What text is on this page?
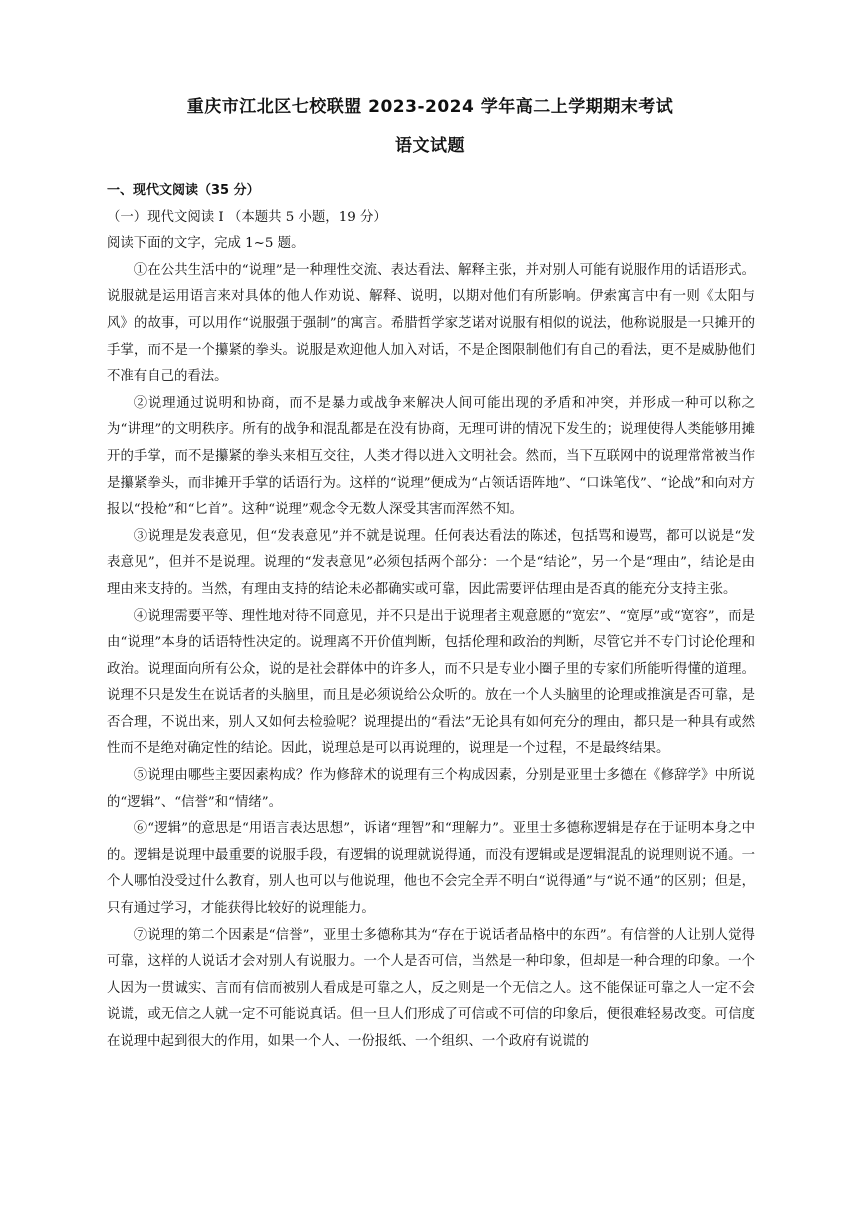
重庆市江北区七校联盟 2023-2024 学年高二上学期期末考试
语文试题

一、现代文阅读（35 分）

（一）现代文阅读 I （本题共 5 小题，19 分）

阅读下面的文字，完成 1~5 题。

①在公共生活中的“说理”是一种理性交流、表达看法、解释主张，并对别人可能有说服作用的话语形式。说服就是运用语言来对具体的他人作劝说、解释、说明，以期对他们有所影响。伊索寓言中有一则《太阳与风》的故事，可以用作“说服强于强制”的寓言。希腊哲学家芝诺对说服有相似的说法，他称说服是一只摊开的手掌，而不是一个攥紧的拳头。说服是欢迎他人加入对话，不是企图限制他们有自己的看法，更不是威胁他们不准有自己的看法。

②说理通过说明和协商，而不是暴力或战争来解决人间可能出现的矛盾和冲突，并形成一种可以称之为“讲理”的文明秩序。所有的战争和混乱都是在没有协商，无理可讲的情况下发生的；说理使得人类能够用摊开的手掌，而不是攥紧的拳头来相互交往，人类才得以进入文明社会。然而，当下互联网中的说理常常被当作是攥紧拳头，而非摊开手掌的话语行为。这样的“说理”便成为“占领话语阵地”、“口诛笔伐”、“论战”和向对方报以“投枪”和“匕首”。这种“说理”观念令无数人深受其害而浑然不知。

③说理是发表意见，但“发表意见”并不就是说理。任何表达看法的陈述，包括骂和谩骂，都可以说是“发表意见”，但并不是说理。说理的“发表意见”必须包括两个部分：一个是“结论”，另一个是“理由”，结论是由理由来支持的。当然，有理由支持的结论未必都确实或可靠，因此需要评估理由是否真的能充分支持主张。

④说理需要平等、理性地对待不同意见，并不只是出于说理者主观意愿的“宽宏”、“宽厚”或“宽容”，而是由“说理”本身的话语特性决定的。说理离不开价值判断，包括伦理和政治的判断，尽管它并不专门讨论伦理和政治。说理面向所有公众，说的是社会群体中的许多人，而不只是专业小圈子里的专家们所能听得懂的道理。说理不只是发生在说话者的头脑里，而且是必须说给公众听的。放在一个人头脑里的论理或推演是否可靠，是否合理，不说出来，别人又如何去检验呢？说理提出的“看法”无论具有如何充分的理由，都只是一种具有或然性而不是绝对确定性的结论。因此，说理总是可以再说理的，说理是一个过程，不是最终结果。

⑤说理由哪些主要因素构成？作为修辞术的说理有三个构成因素，分别是亚里士多德在《修辞学》中所说的“逻辑”、“信誉”和“情绪”。

⑥“逻辑”的意思是“用语言表达思想”，诉诸“理智”和“理解力”。亚里士多德称逻辑是存在于证明本身之中的。逻辑是说理中最重要的说服手段，有逻辑的说理就说得通，而没有逻辑或是逻辑混乱的说理则说不通。一个人哪怕没受过什么教育，别人也可以与他说理，他也不会完全弄不明白“说得通”与“说不通”的区别；但是，只有通过学习，才能获得比较好的说理能力。

⑦说理的第二个因素是“信誉”，亚里士多德称其为“存在于说话者品格中的东西”。有信誉的人让别人觉得可靠，这样的人说话才会对别人有说服力。一个人是否可信，当然是一种印象，但却是一种合理的印象。一个人因为一贯诚实、言而有信而被别人看成是可靠之人，反之则是一个无信之人。这不能保证可靠之人一定不会说谎，或无信之人就一定不可能说真话。但一旦人们形成了可信或不可信的印象后，便很难轻易改变。可信度在说理中起到很大的作用，如果一个人、一份报纸、一个组织、一个政府有说谎的
